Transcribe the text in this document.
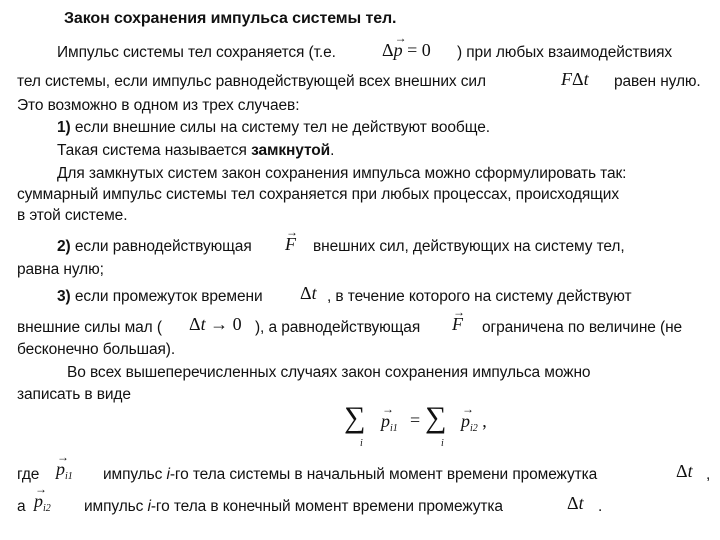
Закон сохранения импульса системы тел.
Импульс системы тел сохраняется (т.е.	Δ→ p = 0 ) при любых взаимодействиях
тел системы, если импульс равнодействующей всех внешних сил	FΔt равен нулю.
Это возможно в одном из трех случаев:
1) если внешние силы на систему тел не действуют вообще.
Такая система называется замкнутой.
Для замкнутых систем закон сохранения импульса можно сформулировать так:
суммарный импульс системы тел сохраняется при любых процессах, происходящих
в этой системе.
2) если равнодействующая
→ F внешних сил, действующих на систему тел,
равна нулю;
3) если промежуток времени Δt , в течение которого на систему действуют
внешние силы мал ( Δt → 0 ), а равнодействующая
→ F ограничена по величине (не
бесконечно большая).
Во всех вышеперечисленных случаях закон сохранения импульса можно
записать в виде
∑
i
→ $p_{i1}$ = ∑
i
→ $p_{i2}$ ,
где
→ $p_{i1}$ импульс i-го тела системы в начальный момент времени промежутка	Δt ,
а
→ $p_{i2}$ импульс i-го тела в конечный момент времени промежутка	Δt .
